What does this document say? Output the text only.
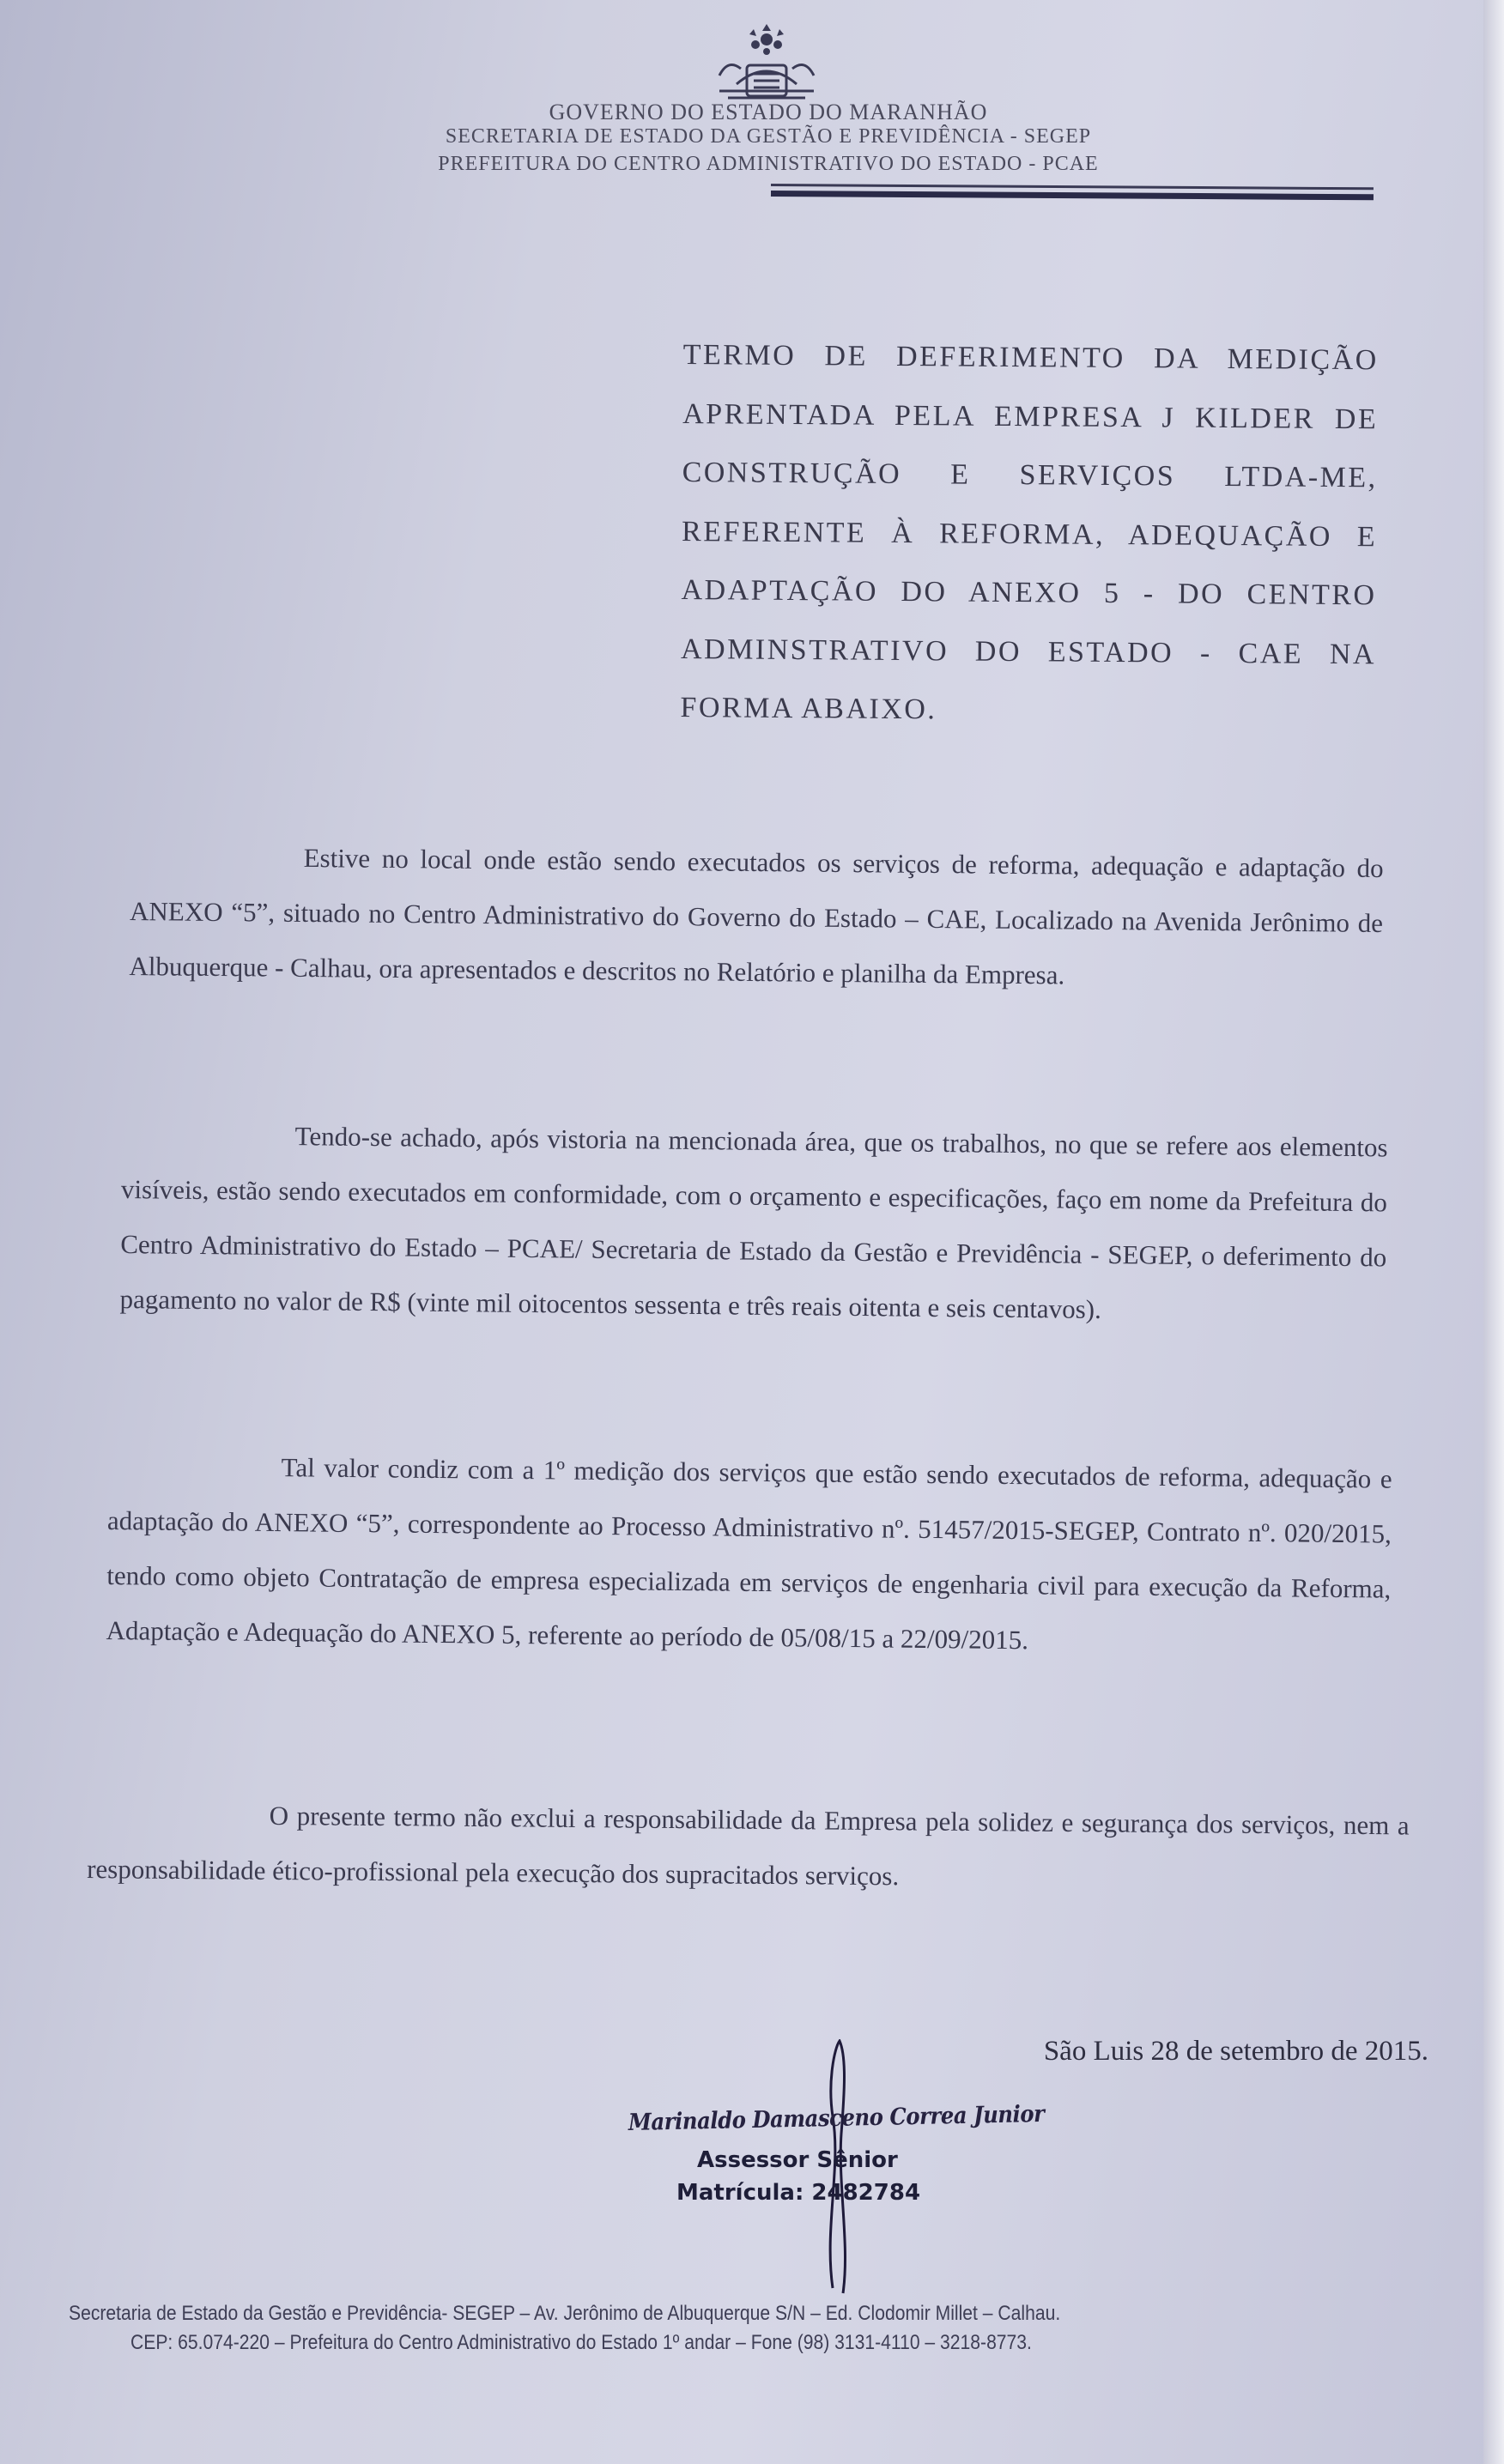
GOVERNO DO ESTADO DO MARANHÃO
SECRETARIA DE ESTADO DA GESTÃO E PREVIDÊNCIA - SEGEP
PREFEITURA DO CENTRO ADMINISTRATIVO DO ESTADO - PCAE
TERMO DE DEFERIMENTO DA MEDIÇÃO APRENTADA PELA EMPRESA J KILDER DE CONSTRUÇÃO E SERVIÇOS LTDA-ME, REFERENTE À REFORMA, ADEQUAÇÃO E ADAPTAÇÃO DO ANEXO 5 - DO CENTRO ADMINSTRATIVO DO ESTADO - CAE NA FORMA ABAIXO.
Estive no local onde estão sendo executados os serviços de reforma, adequação e adaptação do ANEXO “5”, situado no Centro Administrativo do Governo do Estado – CAE, Localizado na Avenida Jerônimo de Albuquerque - Calhau, ora apresentados e descritos no Relatório e planilha da Empresa.
Tendo-se achado, após vistoria na mencionada área, que os trabalhos, no que se refere aos elementos visíveis, estão sendo executados em conformidade, com o orçamento e especificações, faço em nome da Prefeitura do Centro Administrativo do Estado – PCAE/ Secretaria de Estado da Gestão e Previdência - SEGEP, o deferimento do pagamento no valor de R$ (vinte mil oitocentos sessenta e três reais oitenta e seis centavos).
Tal valor condiz com a 1º medição dos serviços que estão sendo executados de reforma, adequação e adaptação do ANEXO “5”, correspondente ao Processo Administrativo nº. 51457/2015-SEGEP, Contrato nº. 020/2015, tendo como objeto Contratação de empresa especializada em serviços de engenharia civil para execução da Reforma, Adaptação e Adequação do ANEXO 5, referente ao período de 05/08/15 a 22/09/2015.
O presente termo não exclui a responsabilidade da Empresa pela solidez e segurança dos serviços, nem a responsabilidade ético-profissional pela execução dos supracitados serviços.
São Luis 28 de setembro de 2015.
Marinaldo Damasceno Correa Junior
Assessor Sênior
Matrícula: 2482784
Secretaria de Estado da Gestão e Previdência- SEGEP – Av. Jerônimo de Albuquerque S/N – Ed. Clodomir Millet – Calhau.
CEP: 65.074-220 – Prefeitura do Centro Administrativo do Estado 1º andar – Fone (98) 3131-4110 – 3218-8773.
